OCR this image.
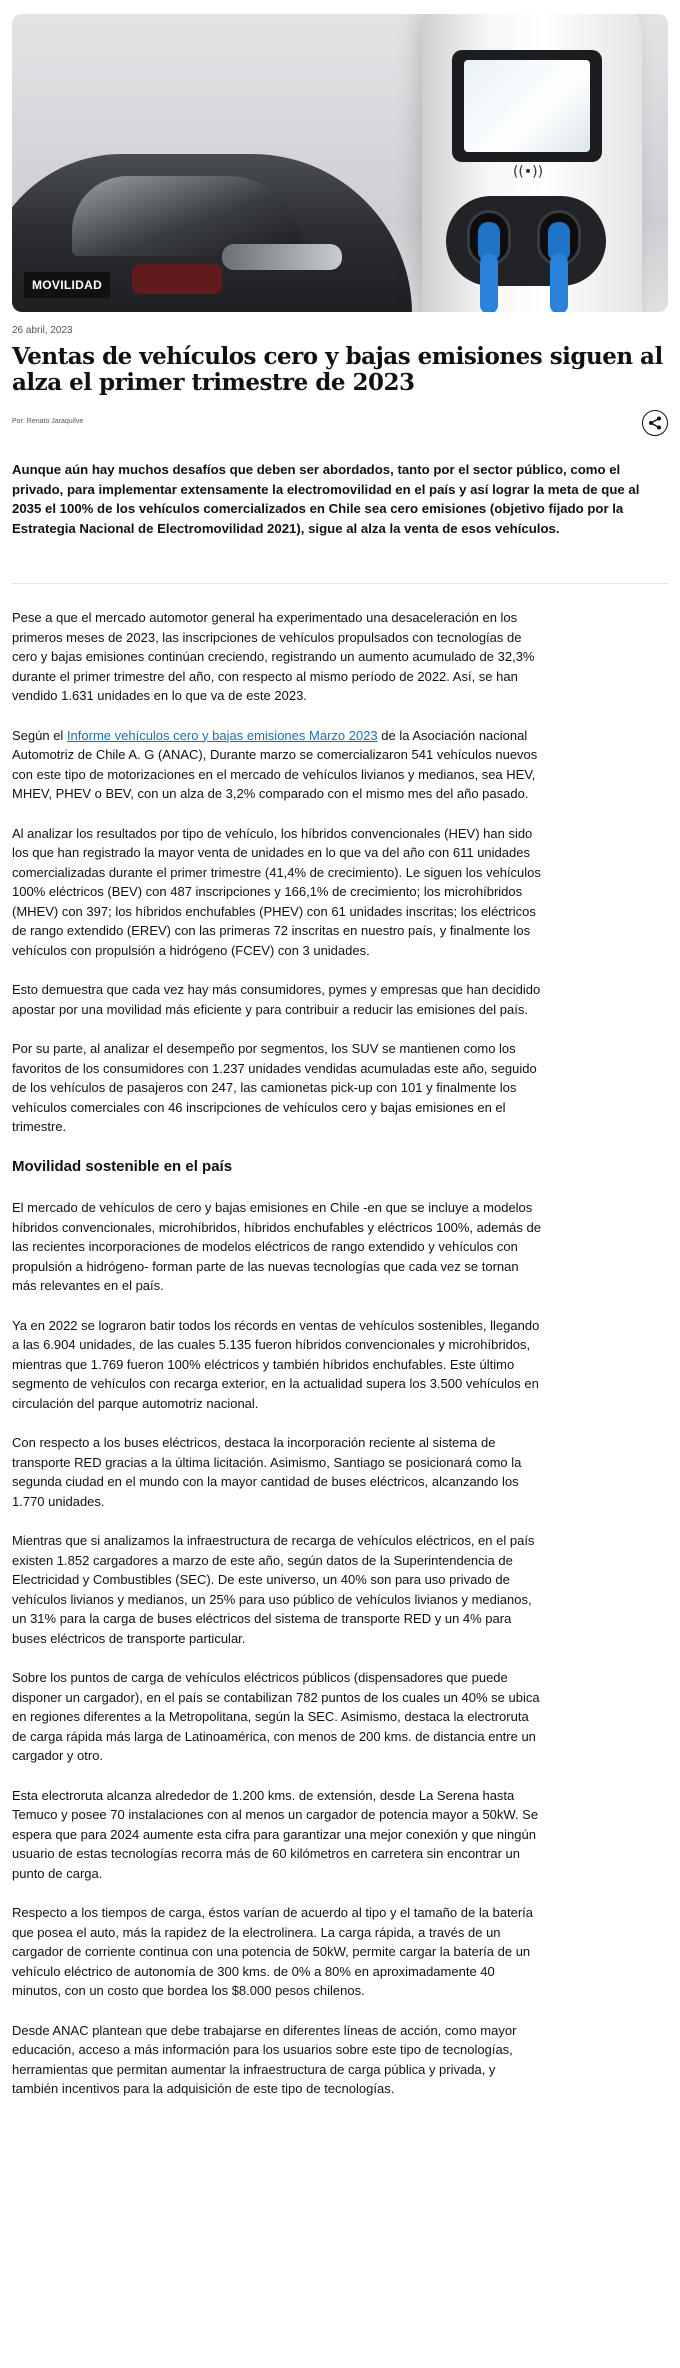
((•))
MOVILIDAD
26 abril, 2023
Ventas de vehículos cero y bajas emisiones siguen al alza el primer trimestre de 2023
Por: Renato Jaraquilve

Aunque aún hay muchos desafíos que deben ser abordados, tanto por el sector público, como el privado, para implementar extensamente la electromovilidad en el país y así lograr la meta de que al 2035 el 100% de los vehículos comercializados en Chile sea cero emisiones (objetivo fijado por la Estrategia Nacional de Electromovilidad 2021), sigue al alza la venta de esos vehículos.

Pese a que el mercado automotor general ha experimentado una desaceleración en los primeros meses de 2023, las inscripciones de vehículos propulsados con tecnologías de cero y bajas emisiones continúan creciendo, registrando un aumento acumulado de 32,3% durante el primer trimestre del año, con respecto al mismo período de 2022. Así, se han vendido 1.631 unidades en lo que va de este 2023.

Según el Informe vehículos cero y bajas emisiones Marzo 2023 de la Asociación nacional Automotriz de Chile A. G (ANAC), Durante marzo se comercializaron 541 vehículos nuevos con este tipo de motorizaciones en el mercado de vehículos livianos y medianos, sea HEV, MHEV, PHEV o BEV, con un alza de 3,2% comparado con el mismo mes del año pasado.

Al analizar los resultados por tipo de vehículo, los híbridos convencionales (HEV) han sido los que han registrado la mayor venta de unidades en lo que va del año con 611 unidades comercializadas durante el primer trimestre (41,4% de crecimiento). Le siguen los vehículos 100% eléctricos (BEV) con 487 inscripciones y 166,1% de crecimiento; los microhíbridos (MHEV) con 397; los híbridos enchufables (PHEV) con 61 unidades inscritas; los eléctricos de rango extendido (EREV) con las primeras 72 inscritas en nuestro país, y finalmente los vehículos con propulsión a hidrógeno (FCEV) con 3 unidades.

Esto demuestra que cada vez hay más consumidores, pymes y empresas que han decidido apostar por una movilidad más eficiente y para contribuir a reducir las emisiones del país.

Por su parte, al analizar el desempeño por segmentos, los SUV se mantienen como los favoritos de los consumidores con 1.237 unidades vendidas acumuladas este año, seguido de los vehículos de pasajeros con 247, las camionetas pick-up con 101 y finalmente los vehículos comerciales con 46 inscripciones de vehículos cero y bajas emisiones en el trimestre.

Movilidad sostenible en el país

El mercado de vehículos de cero y bajas emisiones en Chile -en que se incluye a modelos híbridos convencionales, microhíbridos, híbridos enchufables y eléctricos 100%, además de las recientes incorporaciones de modelos eléctricos de rango extendido y vehículos con propulsión a hidrógeno- forman parte de las nuevas tecnologías que cada vez se tornan más relevantes en el país.

Ya en 2022 se lograron batir todos los récords en ventas de vehículos sostenibles, llegando a las 6.904 unidades, de las cuales 5.135 fueron híbridos convencionales y microhíbridos, mientras que 1.769 fueron 100% eléctricos y también híbridos enchufables. Este último segmento de vehículos con recarga exterior, en la actualidad supera los 3.500 vehículos en circulación del parque automotriz nacional.

Con respecto a los buses eléctricos, destaca la incorporación reciente al sistema de transporte RED gracias a la última licitación. Asimismo, Santiago se posicionará como la segunda ciudad en el mundo con la mayor cantidad de buses eléctricos, alcanzando los 1.770 unidades.

Mientras que si analizamos la infraestructura de recarga de vehículos eléctricos, en el país existen 1.852 cargadores a marzo de este año, según datos de la Superintendencia de Electricidad y Combustibles (SEC). De este universo, un 40% son para uso privado de vehículos livianos y medianos, un 25% para uso público de vehículos livianos y medianos, un 31% para la carga de buses eléctricos del sistema de transporte RED y un 4% para buses eléctricos de transporte particular.

Sobre los puntos de carga de vehículos eléctricos públicos (dispensadores que puede disponer un cargador), en el país se contabilizan 782 puntos de los cuales un 40% se ubica en regiones diferentes a la Metropolitana, según la SEC. Asimismo, destaca la electroruta de carga rápida más larga de Latinoamérica, con menos de 200 kms. de distancia entre un cargador y otro.

Esta electroruta alcanza alrededor de 1.200 kms. de extensión, desde La Serena hasta Temuco y posee 70 instalaciones con al menos un cargador de potencia mayor a 50kW. Se espera que para 2024 aumente esta cifra para garantizar una mejor conexión y que ningún usuario de estas tecnologías recorra más de 60 kilómetros en carretera sin encontrar un punto de carga.

Respecto a los tiempos de carga, éstos varían de acuerdo al tipo y el tamaño de la batería que posea el auto, más la rapidez de la electrolinera. La carga rápida, a través de un cargador de corriente continua con una potencia de 50kW, permite cargar la batería de un vehículo eléctrico de autonomía de 300 kms. de 0% a 80% en aproximadamente 40 minutos, con un costo que bordea los $8.000 pesos chilenos.

Desde ANAC plantean que debe trabajarse en diferentes líneas de acción, como mayor educación, acceso a más información para los usuarios sobre este tipo de tecnologías, herramientas que permitan aumentar la infraestructura de carga pública y privada, y también incentivos para la adquisición de este tipo de tecnologías.
